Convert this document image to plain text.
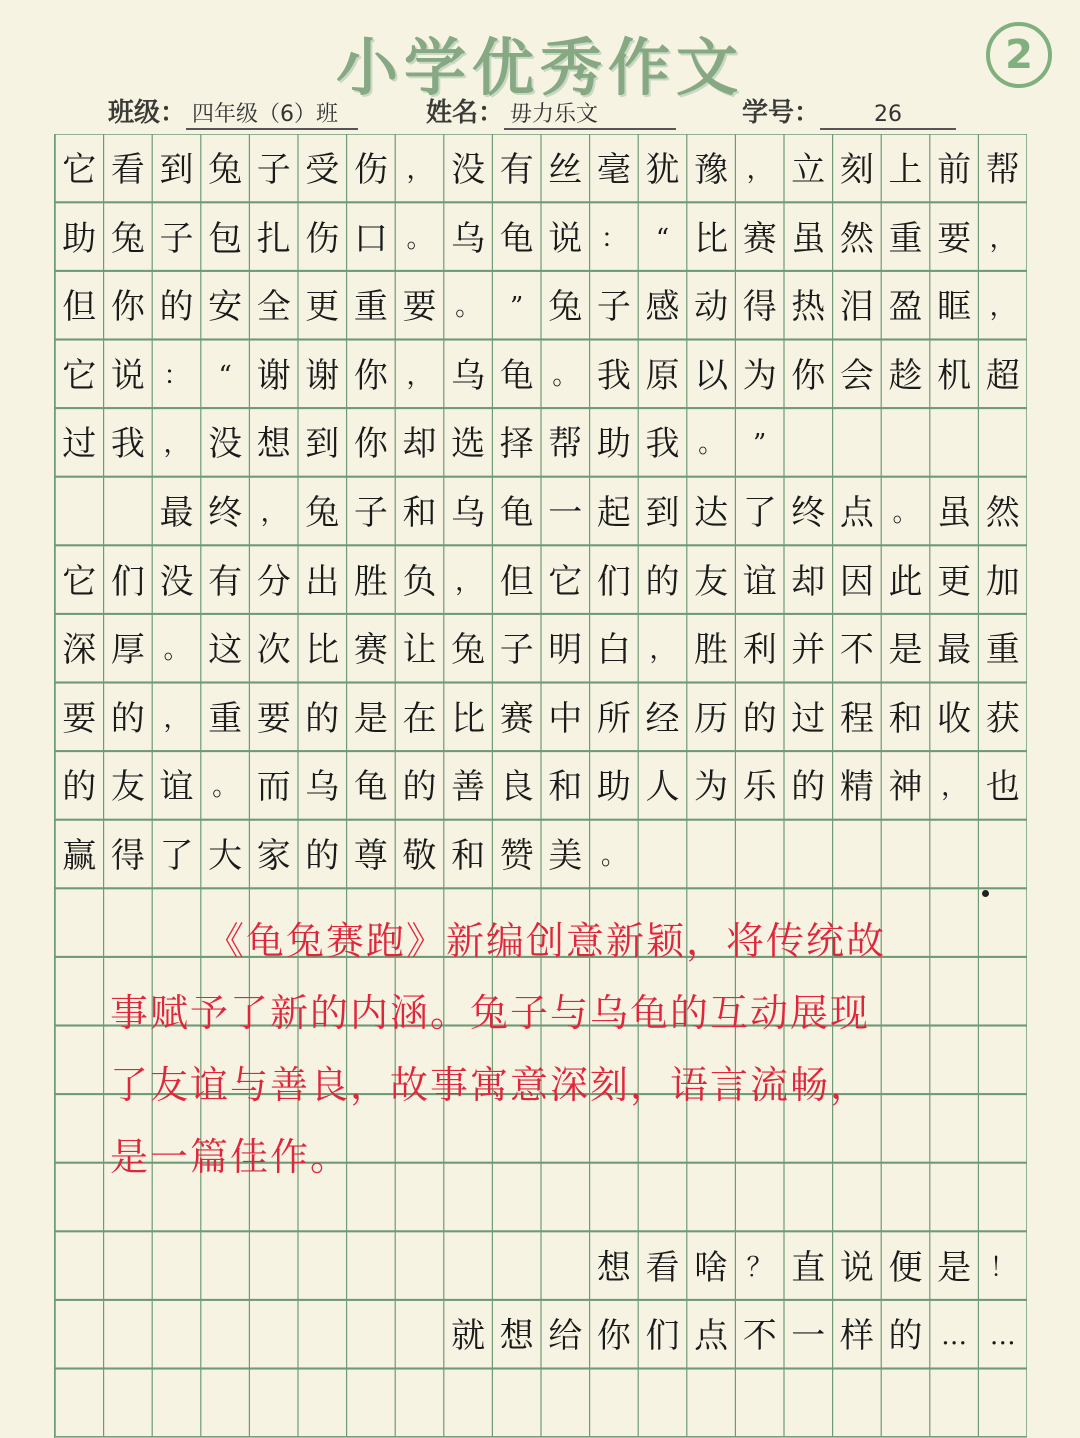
小学优秀作文	2
班级： 四年级（6）班	姓名： 毋力乐文	学号： 26
它 看 到 兔 子 受 伤 ， 没 有 丝 毫 犹 豫 ， 立 刻 上 前 帮
助 兔 子 包 扎 伤 口 。 乌 龟 说 ：	“ 比 赛 虽 然 重 要 ，
但 你 的 安 全 更 重 要 。	” 兔 子 感 动 得 热 泪 盈 眶 ，
它 说 ：	“ 谢 谢 你 ， 乌 龟 。 我 原 以 为 你 会 趁 机 超
过 我 ， 没 想 到 你 却 选 择 帮 助 我 。	”
最 终 ， 兔 子 和 乌 龟 一 起 到 达 了 终 点 。 虽 然
它 们 没 有 分 出 胜 负 ， 但 它 们 的 友 谊 却 因 此 更 加
深 厚 。 这 次 比 赛 让 兔 子 明 白 ， 胜 利 并 不 是 最 重
要 的 ， 重 要 的 是 在 比 赛 中 所 经 历 的 过 程 和 收 获
的 友 谊 。 而 乌 龟 的 善 良 和 助 人 为 乐 的 精 神 ， 也
赢 得 了 大 家 的 尊 敬 和 赞 美 。
想 看 啥 ？ 直 说 便 是 ！
就 想 给 你 们 点 不 一 样 的 … …
《龟兔赛跑》新编创意新颖，将传统故
事赋予了新的内涵。兔子与乌龟的互动展现
了友谊与善良，故事寓意深刻，语言流畅，
是一篇佳作。
